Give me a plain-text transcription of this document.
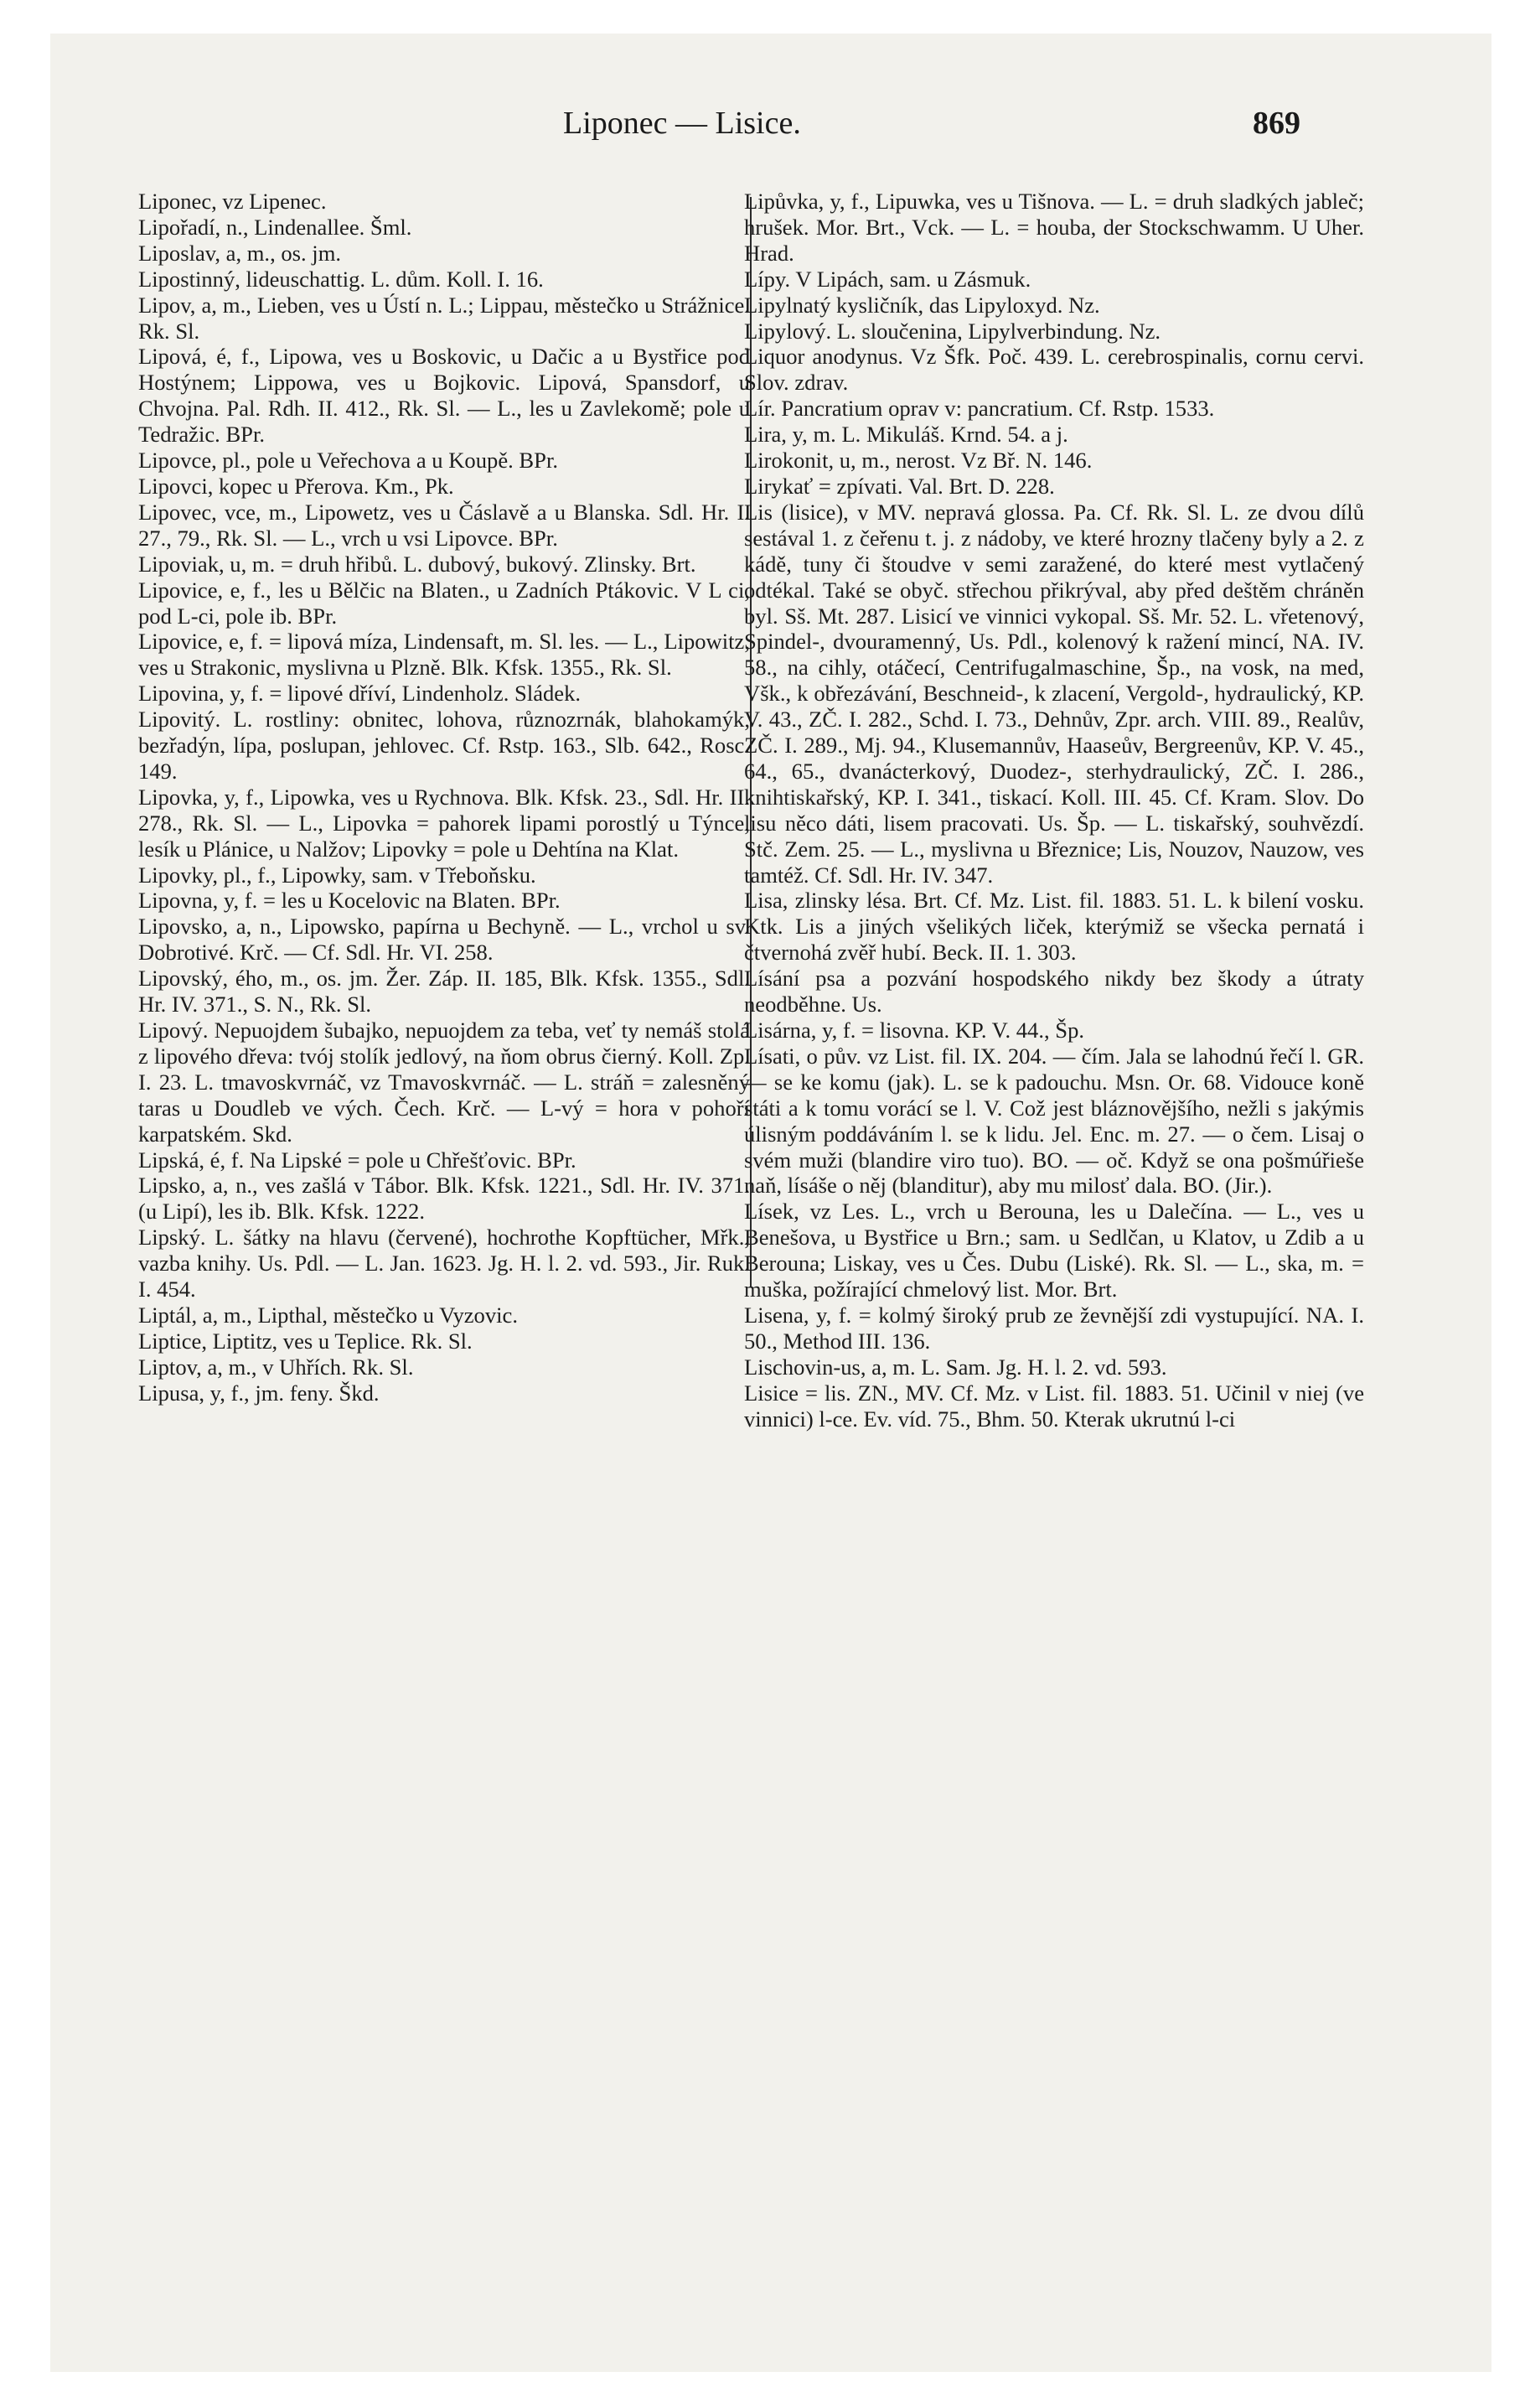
Liponec — Lisice.	869

Liponec, vz Lipenec.

Lipořadí, n., Lindenallee. Šml.

Liposlav, a, m., os. jm.

Lipostinný, lideuschattig. L. dům. Koll. I. 16.

Lipov, a, m., Lieben, ves u Ústí n. L.; Lippau, městečko u Strážnice. Rk. Sl.

Lipová, é, f., Lipowa, ves u Boskovic, u Dačic a u Bystřice pod Hostýnem; Lippowa, ves u Bojkovic. Lipová, Spansdorf, u Chvojna. Pal. Rdh. II. 412., Rk. Sl. — L., les u Zavlekomě; pole u Tedražic. BPr.

Lipovce, pl., pole u Veřechova a u Koupě. BPr.

Lipovci, kopec u Přerova. Km., Pk.

Lipovec, vce, m., Lipowetz, ves u Čáslavě a u Blanska. Sdl. Hr. I. 27., 79., Rk. Sl. — L., vrch u vsi Lipovce. BPr.

Lipoviak, u, m. = druh hřibů. L. dubový, bukový. Zlinsky. Brt.

Lipovice, e, f., les u Bělčic na Blaten., u Zadních Ptákovic. V L ci, pod L-ci, pole ib. BPr.

Lipovice, e, f. = lipová míza, Lindensaft, m. Sl. les. — L., Lipowitz, ves u Strakonic, myslivna u Plzně. Blk. Kfsk. 1355., Rk. Sl.

Lipovina, y, f. = lipové dříví, Lindenholz. Sládek.

Lipovitý. L. rostliny: obnitec, lohova, různozrnák, blahokamýk, bezřadýn, lípa, poslupan, jehlovec. Cf. Rstp. 163., Slb. 642., Rosc. 149.

Lipovka, y, f., Lipowka, ves u Rychnova. Blk. Kfsk. 23., Sdl. Hr. II. 278., Rk. Sl. — L., Lipovka = pahorek lipami porostlý u Týnce, lesík u Plánice, u Nalžov; Lipovky = pole u Dehtína na Klat.

Lipovky, pl., f., Lipowky, sam. v Třeboňsku.

Lipovna, y, f. = les u Kocelovic na Blaten. BPr.

Lipovsko, a, n., Lipowsko, papírna u Bechyně. — L., vrchol u sv. Dobrotivé. Krč. — Cf. Sdl. Hr. VI. 258.

Lipovský, ého, m., os. jm. Žer. Záp. II. 185, Blk. Kfsk. 1355., Sdl. Hr. IV. 371., S. N., Rk. Sl.

Lipový. Nepuojdem šubajko, nepuojdem za teba, veť ty nemáš stolá z lipového dřeva: tvój stolík jedlový, na ňom obrus čierný. Koll. Zp. I. 23. L. tmavoskvrnáč, vz Tmavoskvrnáč. — L. stráň = zalesněný taras u Doudleb ve vých. Čech. Krč. — L-vý = hora v pohoří karpatském. Skd.

Lipská, é, f. Na Lipské = pole u Chřešťovic. BPr.

Lipsko, a, n., ves zašlá v Tábor. Blk. Kfsk. 1221., Sdl. Hr. IV. 371. (u Lipí), les ib. Blk. Kfsk. 1222.

Lipský. L. šátky na hlavu (červené), hochrothe Kopftücher, Mřk., vazba knihy. Us. Pdl. — L. Jan. 1623. Jg. H. l. 2. vd. 593., Jir. Ruk. I. 454.

Liptál, a, m., Lipthal, městečko u Vyzovic.

Liptice, Liptitz, ves u Teplice. Rk. Sl.

Liptov, a, m., v Uhřích. Rk. Sl.

Lipusa, y, f., jm. feny. Škd.

Lipůvka, y, f., Lipuwka, ves u Tišnova. — L. = druh sladkých jableč; hrušek. Mor. Brt., Vck. — L. = houba, der Stockschwamm. U Uher. Hrad.

Lípy. V Lipách, sam. u Zásmuk.

Lipylnatý kysličník, das Lipyloxyd. Nz.

Lipylový. L. sloučenina, Lipylverbindung. Nz.

Liquor anodynus. Vz Šfk. Poč. 439. L. cerebrospinalis, cornu cervi. Slov. zdrav.

Lír. Pancratium oprav v: pancratium. Cf. Rstp. 1533.

Lira, y, m. L. Mikuláš. Krnd. 54. a j.

Lirokonit, u, m., nerost. Vz Bř. N. 146.

Lirykať = zpívati. Val. Brt. D. 228.

Lis (lisice), v MV. nepravá glossa. Pa. Cf. Rk. Sl. L. ze dvou dílů sestával 1. z čeřenu t. j. z nádoby, ve které hrozny tlačeny byly a 2. z kádě, tuny či štoudve v semi zaražené, do které mest vytlačený odtékal. Také se obyč. střechou přikrýval, aby před deštěm chráněn byl. Sš. Mt. 287. Lisicí ve vinnici vykopal. Sš. Mr. 52. L. vřetenový, Spindel-, dvouramenný, Us. Pdl., kolenový k ražení mincí, NA. IV. 58., na cihly, otáčecí, Centrifugalmaschine, Šp., na vosk, na med, Všk., k obřezávání, Beschneid-, k zlacení, Vergold-, hydraulický, KP. V. 43., ZČ. I. 282., Schd. I. 73., Dehnův, Zpr. arch. VIII. 89., Realův, ZČ. I. 289., Mj. 94., Klusemannův, Haaseův, Bergreenův, KP. V. 45., 64., 65., dvanácterkový, Duodez-, sterhydraulický, ZČ. I. 286., knihtiskařský, KP. I. 341., tiskací. Koll. III. 45. Cf. Kram. Slov. Do lisu něco dáti, lisem pracovati. Us. Šp. — L. tiskařský, souhvězdí. Stč. Zem. 25. — L., myslivna u Březnice; Lis, Nouzov, Nauzow, ves tamtéž. Cf. Sdl. Hr. IV. 347.

Lisa, zlinsky lésa. Brt. Cf. Mz. List. fil. 1883. 51. L. k bilení vosku. Ktk. Lis a jiných všelikých liček, kterýmiž se všecka pernatá i čtvernohá zvěř hubí. Beck. II. 1. 303.

Lísání psa a pozvání hospodského nikdy bez škody a útraty neodběhne. Us.

Lisárna, y, f. = lisovna. KP. V. 44., Šp.

Lísati, o pův. vz List. fil. IX. 204. — čím. Jala se lahodnú řečí l. GR. — se ke komu (jak). L. se k padouchu. Msn. Or. 68. Vidouce koně státi a k tomu vorácí se l. V. Což jest bláznovějšího, nežli s jakýmis úlisným poddáváním l. se k lidu. Jel. Enc. m. 27. — o čem. Lisaj o svém muži (blandire viro tuo). BO. — oč. Když se ona pošmúřieše naň, lísáše o něj (blanditur), aby mu milosť dala. BO. (Jir.).

Lísek, vz Les. L., vrch u Berouna, les u Dalečína. — L., ves u Benešova, u Bystřice u Brn.; sam. u Sedlčan, u Klatov, u Zdib a u Berouna; Liskay, ves u Čes. Dubu (Liské). Rk. Sl. — L., ska, m. = muška, požírající chmelový list. Mor. Brt.

Lisena, y, f. = kolmý široký prub ze ževnější zdi vystupující. NA. I. 50., Method III. 136.

Lischovin-us, a, m. L. Sam. Jg. H. l. 2. vd. 593.

Lisice = lis. ZN., MV. Cf. Mz. v List. fil. 1883. 51. Učinil v niej (ve vinnici) l-ce. Ev. víd. 75., Bhm. 50. Kterak ukrutnú l-ci
